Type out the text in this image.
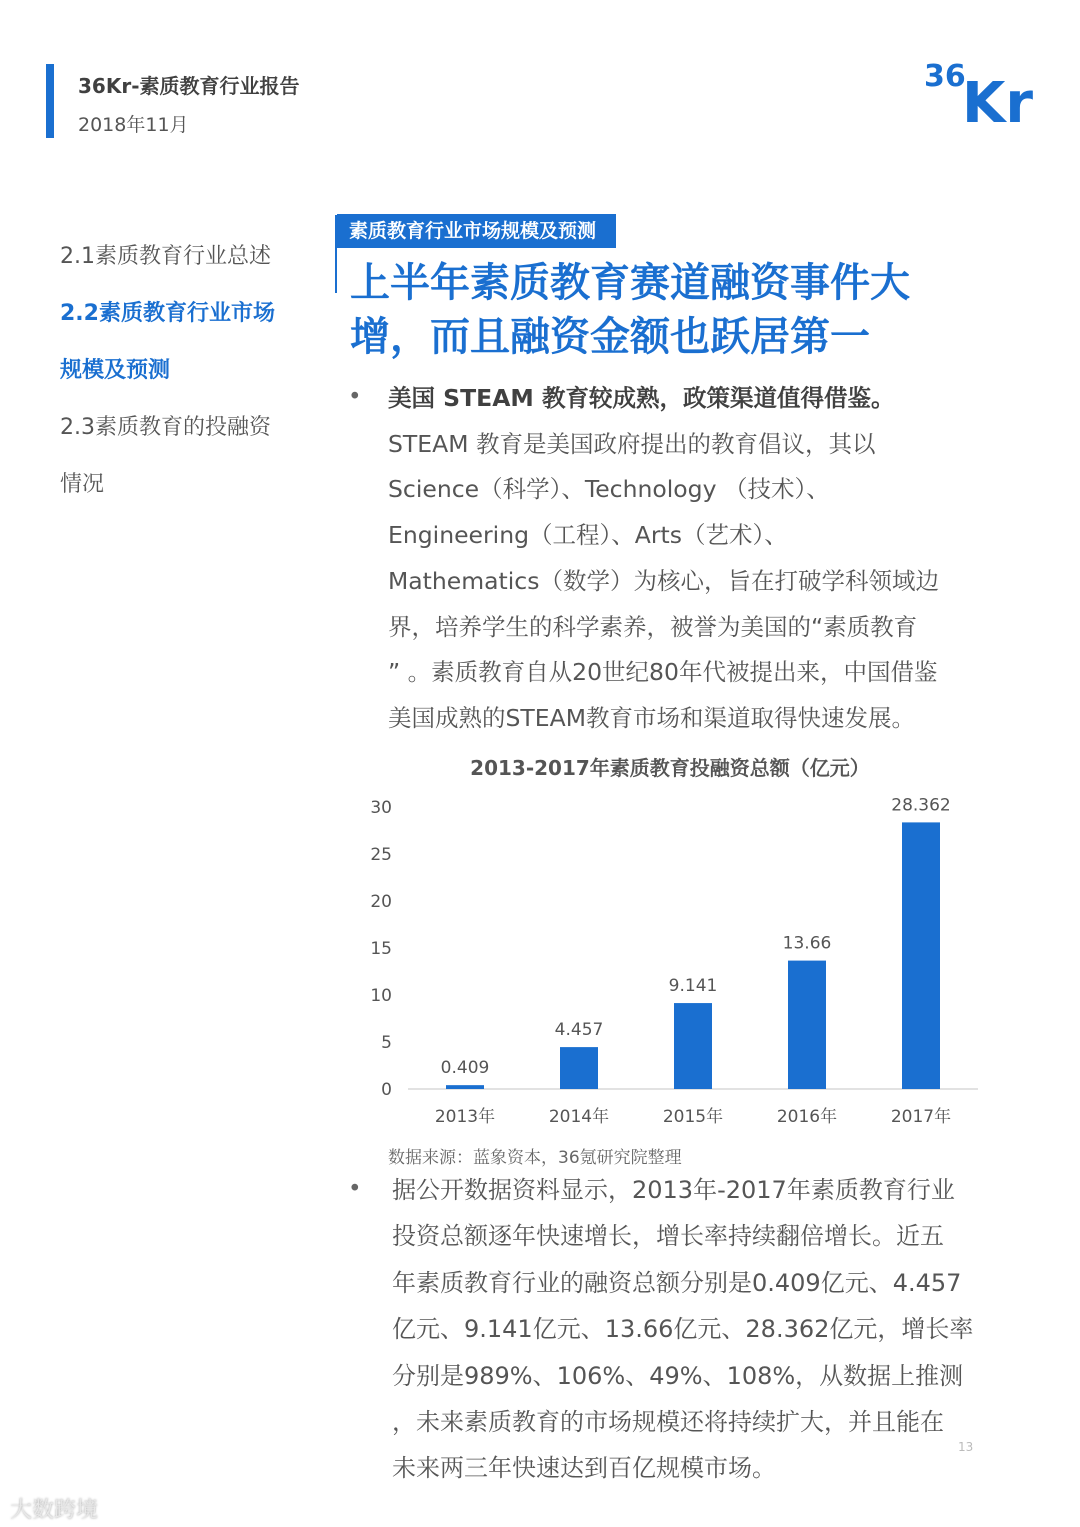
36Kr-素质教育行业报告
2018年11月
36
Kr
2.1素质教育行业总述
2.2素质教育行业市场
规模及预测
2.3素质教育的投融资
情况
素质教育行业市场规模及预测
上半年素质教育赛道融资事件大
增，而且融资金额也跃居第一
• 美国 STEAM 教育较成熟，政策渠道值得借鉴。
STEAM 教育是美国政府提出的教育倡议，其以
Science（科学）、Technology （技术）、
Engineering（工程）、Arts（艺术）、
Mathematics（数学）为核心，旨在打破学科领域边
界，培养学生的科学素养，被誉为美国的“素质教育
” 。素质教育自从20世纪80年代被提出来，中国借鉴
美国成熟的STEAM教育市场和渠道取得快速发展。
2013-2017年素质教育投融资总额（亿元）
0
5
10
15
20
25
30
0.409
2013年
4.457
2014年
9.141
2015年
13.66
2016年
28.362
2017年
数据来源：蓝象资本，36氪研究院整理
• 据公开数据资料显示，2013年-2017年素质教育行业
投资总额逐年快速增长，增长率持续翻倍增长。近五
年素质教育行业的融资总额分别是0.409亿元、4.457
亿元、9.141亿元、13.66亿元、28.362亿元，增长率
分别是989%、106%、49%、108%，从数据上推测
，未来素质教育的市场规模还将持续扩大，并且能在
未来两三年快速达到百亿规模市场。
13
大数跨境
